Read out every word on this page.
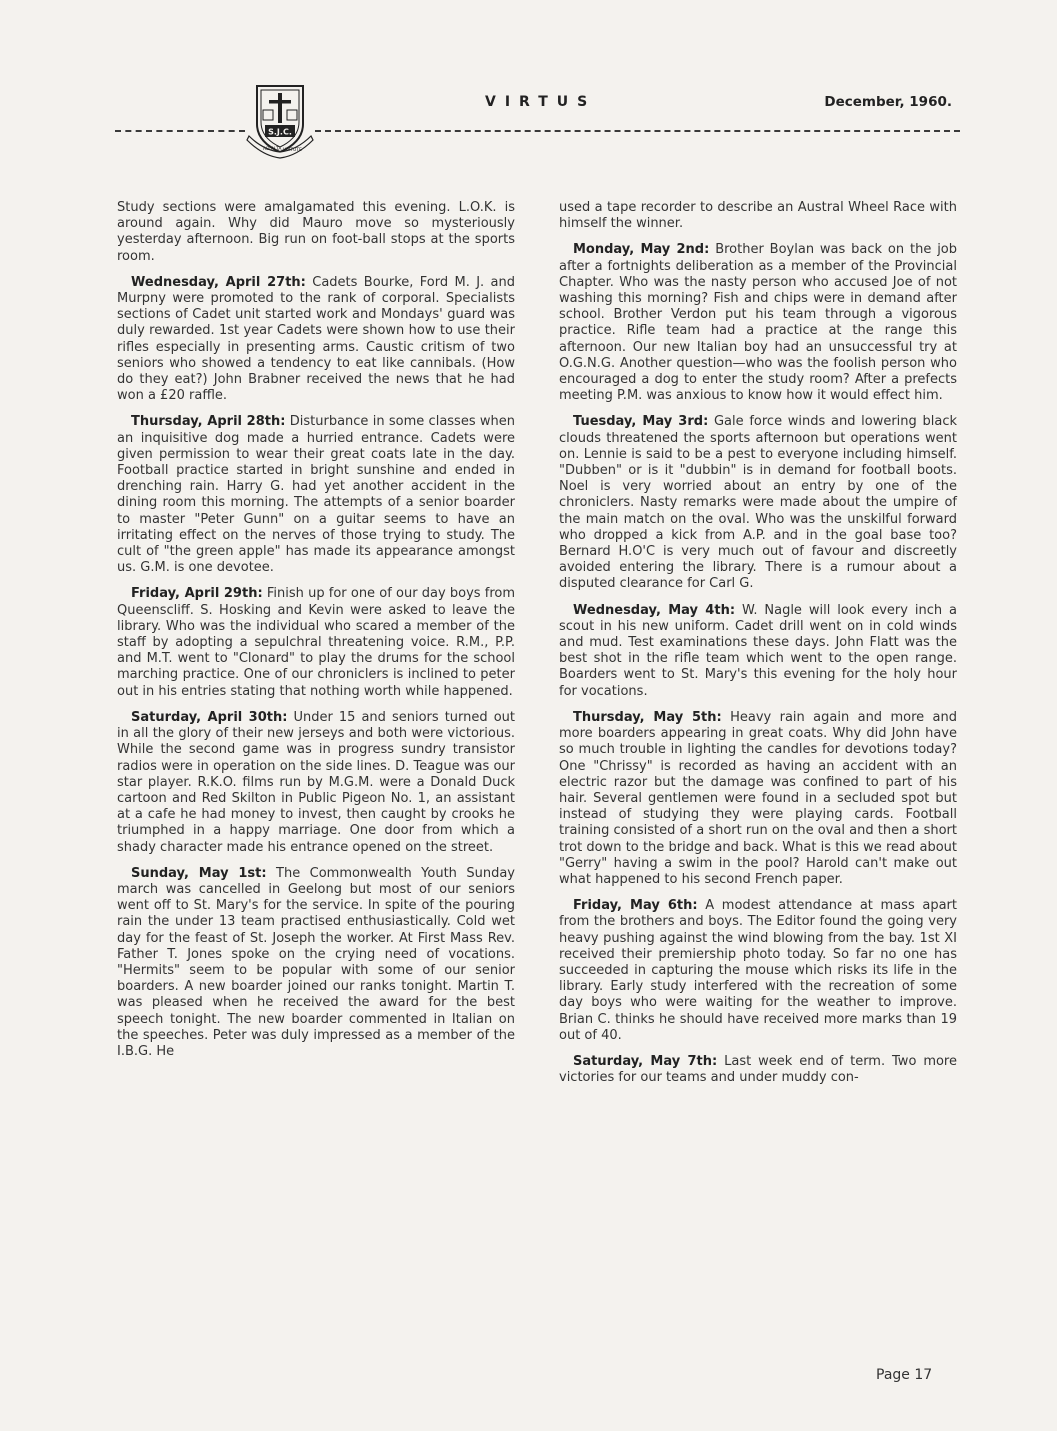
S.J.C.
AD ALTA VIRTUTE
VIRTUS	December, 1960.

Study sections were amalgamated this evening. L.O.K. is around again. Why did Mauro move so mysteriously yesterday afternoon. Big run on foot-ball stops at the sports room.

Wednesday, April 27th: Cadets Bourke, Ford M. J. and Murpny were promoted to the rank of corporal. Specialists sections of Cadet unit started work and Mondays' guard was duly rewarded. 1st year Cadets were shown how to use their rifles especially in presenting arms. Caustic critism of two seniors who showed a tendency to eat like cannibals. (How do they eat?) John Brabner received the news that he had won a £20 raffle.

Thursday, April 28th: Disturbance in some classes when an inquisitive dog made a hurried entrance. Cadets were given permission to wear their great coats late in the day. Football practice started in bright sunshine and ended in drenching rain. Harry G. had yet another accident in the dining room this morning. The attempts of a senior boarder to master "Peter Gunn" on a guitar seems to have an irritating effect on the nerves of those trying to study. The cult of "the green apple" has made its appearance amongst us. G.M. is one devotee.

Friday, April 29th: Finish up for one of our day boys from Queenscliff. S. Hosking and Kevin were asked to leave the library. Who was the individual who scared a member of the staff by adopting a sepulchral threatening voice. R.M., P.P. and M.T. went to "Clonard" to play the drums for the school marching practice. One of our chroniclers is inclined to peter out in his entries stating that nothing worth while happened.

Saturday, April 30th: Under 15 and seniors turned out in all the glory of their new jerseys and both were victorious. While the second game was in progress sundry transistor radios were in operation on the side lines. D. Teague was our star player. R.K.O. films run by M.G.M. were a Donald Duck cartoon and Red Skilton in Public Pigeon No. 1, an assistant at a cafe he had money to invest, then caught by crooks he triumphed in a happy marriage. One door from which a shady character made his entrance opened on the street.

Sunday, May 1st: The Commonwealth Youth Sunday march was cancelled in Geelong but most of our seniors went off to St. Mary's for the service. In spite of the pouring rain the under 13 team practised enthusiastically. Cold wet day for the feast of St. Joseph the worker. At First Mass Rev. Father T. Jones spoke on the crying need of vocations. "Hermits" seem to be popular with some of our senior boarders. A new boarder joined our ranks tonight. Martin T. was pleased when he received the award for the best speech tonight. The new boarder commented in Italian on the speeches. Peter was duly impressed as a member of the I.B.G. He

used a tape recorder to describe an Austral Wheel Race with himself the winner.

Monday, May 2nd: Brother Boylan was back on the job after a fortnights deliberation as a member of the Provincial Chapter. Who was the nasty person who accused Joe of not washing this morning? Fish and chips were in demand after school. Brother Verdon put his team through a vigorous practice. Rifle team had a practice at the range this afternoon. Our new Italian boy had an unsuccessful try at O.G.N.G. Another question—who was the foolish person who encouraged a dog to enter the study room? After a prefects meeting P.M. was anxious to know how it would effect him.

Tuesday, May 3rd: Gale force winds and lowering black clouds threatened the sports afternoon but operations went on. Lennie is said to be a pest to everyone including himself. "Dubben" or is it "dubbin" is in demand for football boots. Noel is very worried about an entry by one of the chroniclers. Nasty remarks were made about the umpire of the main match on the oval. Who was the unskilful forward who dropped a kick from A.P. and in the goal base too? Bernard H.O'C is very much out of favour and discreetly avoided entering the library. There is a rumour about a disputed clearance for Carl G.

Wednesday, May 4th: W. Nagle will look every inch a scout in his new uniform. Cadet drill went on in cold winds and mud. Test examinations these days. John Flatt was the best shot in the rifle team which went to the open range. Boarders went to St. Mary's this evening for the holy hour for vocations.

Thursday, May 5th: Heavy rain again and more and more boarders appearing in great coats. Why did John have so much trouble in lighting the candles for devotions today? One "Chrissy" is recorded as having an accident with an electric razor but the damage was confined to part of his hair. Several gentlemen were found in a secluded spot but instead of studying they were playing cards. Football training consisted of a short run on the oval and then a short trot down to the bridge and back. What is this we read about "Gerry" having a swim in the pool? Harold can't make out what happened to his second French paper.

Friday, May 6th: A modest attendance at mass apart from the brothers and boys. The Editor found the going very heavy pushing against the wind blowing from the bay. 1st XI received their premiership photo today. So far no one has succeeded in capturing the mouse which risks its life in the library. Early study interfered with the recreation of some day boys who were waiting for the weather to improve. Brian C. thinks he should have received more marks than 19 out of 40.

Saturday, May 7th: Last week end of term. Two more victories for our teams and under muddy con-

Page 17
